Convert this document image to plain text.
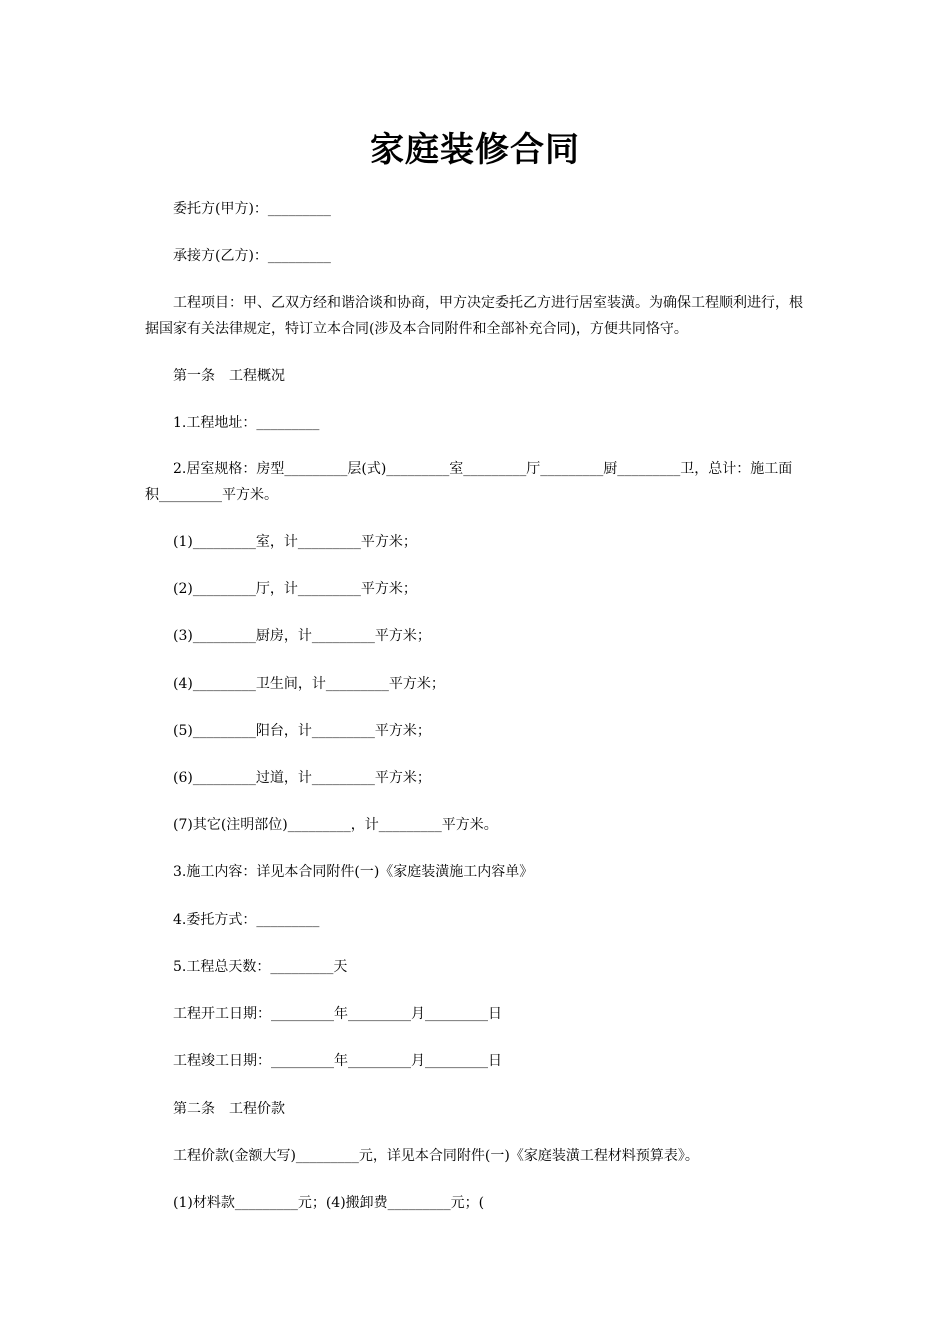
家庭装修合同
委托方(甲方)：_________
承接方(乙方)：_________
工程项目：甲、乙双方经和谐洽谈和协商，甲方决定委托乙方进行居室装潢。为确保工程顺利进行，根据国家有关法律规定，特订立本合同(涉及本合同附件和全部补充合同)，方便共同恪守。
第一条　工程概况
1.工程地址：_________
2.居室规格：房型_________层(式)_________室_________厅_________厨_________卫，总计：施工面积_________平方米。
(1)_________室，计_________平方米；
(2)_________厅，计_________平方米；
(3)_________厨房，计_________平方米；
(4)_________卫生间，计_________平方米；
(5)_________阳台，计_________平方米；
(6)_________过道，计_________平方米；
(7)其它(注明部位)_________，计_________平方米。
3.施工内容：详见本合同附件(一)《家庭装潢施工内容单》
4.委托方式：_________
5.工程总天数：_________天
工程开工日期：_________年_________月_________日
工程竣工日期：_________年_________月_________日
第二条　工程价款
工程价款(金额大写)_________元，详见本合同附件(一)《家庭装潢工程材料预算表》。
(1)材料款_________元；(4)搬卸费_________元；(
